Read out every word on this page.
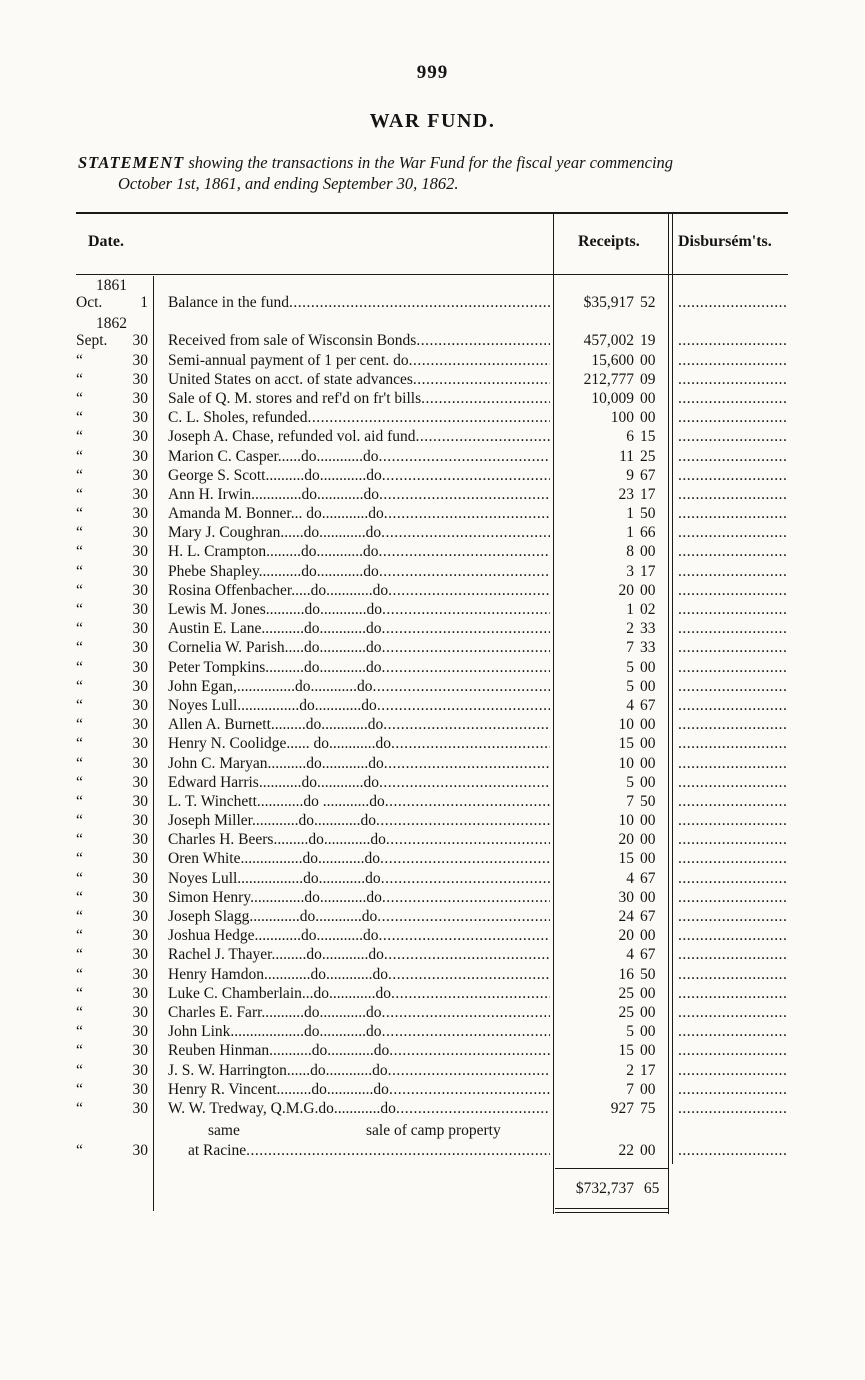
999
WAR FUND.
STATEMENT showing the transactions in the War Fund for the fiscal year commencing
October 1st, 1861, and ending September 30, 1862.
Date.	Receipts. Disbursém'ts.
1861
1862
Oct.	1 Balance in the fund .....	$35,917 52
.....
Sept.	30 Received from sale of Wisconsin Bonds .....	457,002 19
.....
“	30 Semi-annual payment of 1 per cent. do .....	15,600 00
.....
“	30 United States on acct. of state advances .....	212,777 09
.....
“	30 Sale of Q. M. stores and ref'd on fr't bills .....	10,009 00
.....
“	30 C. L. Sholes, refunded .....	100 00
.....
“	30 Joseph A. Chase, refunded vol. aid fund .....	6 15
.....
“	30 Marion C. Casper......do............do .....	11 25
.....
“	30 George S. Scott..........do............do .....	9 67
.....
“	30 Ann H. Irwin.............do............do .....	23 17
.....
“	30 Amanda M. Bonner... do............do .....	1 50
.....
“	30 Mary J. Coughran......do............do .....	1 66
.....
“	30 H. L. Crampton.........do............do .....	8 00
.....
“	30 Phebe Shapley...........do............do .....	3 17
.....
“	30 Rosina Offenbacher.....do............do .....	20 00
.....
“	30 Lewis M. Jones..........do............do .....	1 02
.....
“	30 Austin E. Lane...........do............do .....	2 33
.....
“	30 Cornelia W. Parish.....do............do .....	7 33
.....
“	30 Peter Tompkins..........do............do .....	5 00
.....
“	30 John Egan,...............do............do .....	5 00
.....
“	30 Noyes Lull................do............do .....	4 67
.....
“	30 Allen A. Burnett.........do............do .....	10 00
.....
“	30 Henry N. Coolidge...... do............do .....	15 00
.....
“	30 John C. Maryan..........do............do .....	10 00
.....
“	30 Edward Harris...........do............do .....	5 00
.....
“	30 L. T. Winchett............do ............do .....	7 50
.....
“	30 Joseph Miller............do............do .....	10 00
.....
“	30 Charles H. Beers.........do............do .....	20 00
.....
“	30 Oren White................do............do .....	15 00
.....
“	30 Noyes Lull.................do............do .....	4 67
.....
“	30 Simon Henry..............do............do .....	30 00
.....
“	30 Joseph Slagg.............do............do .....	24 67
.....
“	30 Joshua Hedge............do............do .....	20 00
.....
“	30 Rachel J. Thayer.........do............do .....	4 67
.....
“	30 Henry Hamdon............do............do .....	16 50
.....
“	30 Luke C. Chamberlain...do............do .....	25 00
.....
“	30 Charles E. Farr...........do............do .....	25 00
.....
“	30 John Link...................do............do .....	5 00
.....
“	30 Reuben Hinman...........do............do .....	15 00
.....
“	30 J. S. W. Harrington......do............do .....	2 17
.....
“	30 Henry R. Vincent.........do............do .....	7 00
.....
“	30 W. W. Tredway, Q.M.G.do............do .....	927 75
.....
same	sale of camp property
“	30	at Racine .....	22 00
.....
$732,737 65
